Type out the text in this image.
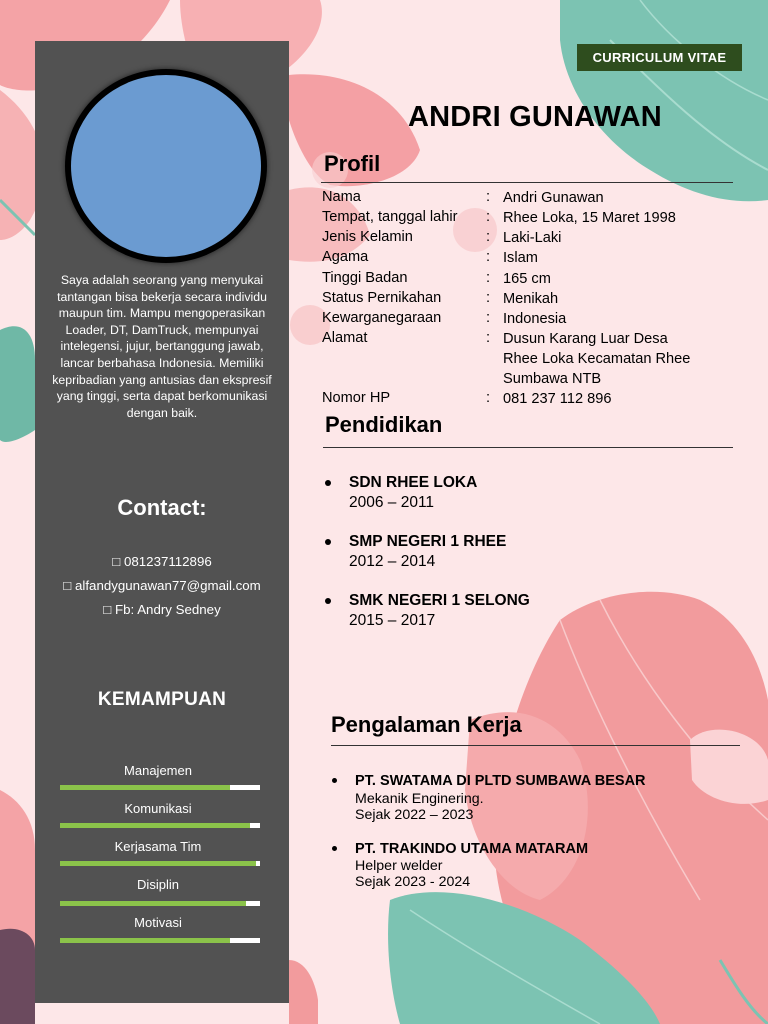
Saya adalah seorang yang menyukai tantangan bisa bekerja secara individu maupun tim. Mampu mengoperasikan Loader, DT, DamTruck, mempunyai intelegensi, jujur, bertanggung jawab, lancar berbahasa Indonesia. Memiliki kepribadian yang antusias dan ekspresif yang tinggi, serta dapat berkomunikasi dengan baik.
Contact:
□ 081237112896
□ alfandygunawan77@gmail.com
□ Fb: Andry Sedney
KEMAMPUAN
Manajemen
Komunikasi
Kerjasama Tim
Disiplin
Motivasi
CURRICULUM VITAE
ANDRI GUNAWAN
Profil
Nama	: Andri Gunawan
Tempat, tanggal lahir : Rhee Loka, 15 Maret 1998
Jenis Kelamin	: Laki-Laki
Agama	: Islam
Tinggi Badan	: 165 cm
Status Pernikahan	: Menikah
Kewarganegaraan	: Indonesia
Alamat	: Dusun Karang Luar Desa
Rhee Loka Kecamatan Rhee
Sumbawa NTB
Nomor HP	: 081 237 112 896
Pendidikan
SDN RHEE LOKA
2006 – 2011
SMP NEGERI 1 RHEE
2012 – 2014
SMK NEGERI 1 SELONG
2015 – 2017
Pengalaman Kerja
PT. SWATAMA DI PLTD SUMBAWA BESAR
Mekanik Enginering.
Sejak 2022 – 2023
PT. TRAKINDO UTAMA MATARAM
Helper welder
Sejak 2023 - 2024
